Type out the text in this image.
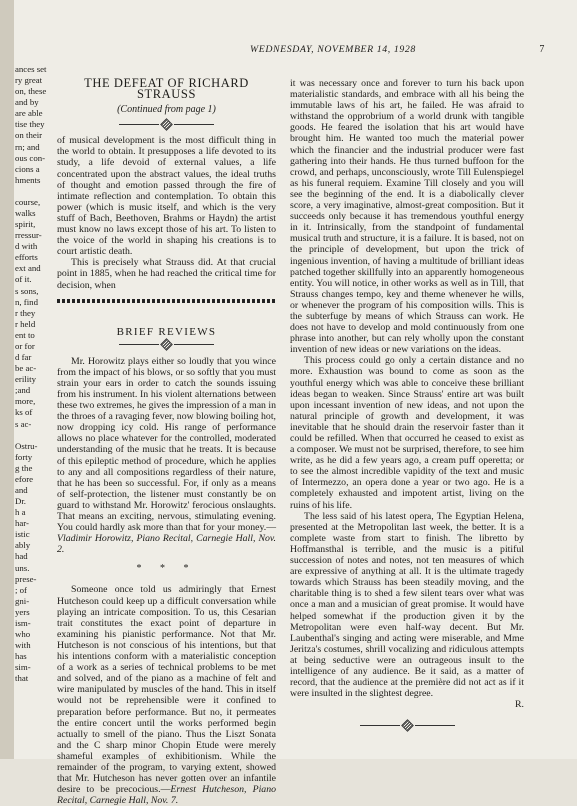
WEDNESDAY, NOVEMBER 14, 1928	7
ances set
ry great
on, these
and by
are able
tise they
on their
rn; and
ous con-
cions a
hments
course,
walks
spirit,
rressur-
d with
efforts
ext and
of it.
s sons,
n, find
r they
r held
ent to
or for
d far
be ac-
erility
;and
more,
ks of
s ac-
Ostru-
forty
g the
efore
and
Dr.
h a
har-
istic
ably
had
uns.
prese-
; of
gni-
yers
ism-
who
with
has
sim-
that
THE DEFEAT OF RICHARD STRAUSS
(Continued from page 1)

of musical development is the most difficult thing in the world to obtain. It presupposes a life devoted to its study, a life devoid of external values, a life concentrated upon the abstract values, the ideal truths of thought and emotion passed through the fire of intimate reflection and contemplation. To obtain this power (which is music itself, and which is the very stuff of Bach, Beethoven, Brahms or Haydn) the artist must know no laws except those of his art. To listen to the voice of the world in shaping his creations is to court artistic death.

This is precisely what Strauss did. At that crucial point in 1885, when he had reached the critical time for decision, when

BRIEF REVIEWS

Mr. Horowitz plays either so loudly that you wince from the impact of his blows, or so softly that you must strain your ears in order to catch the sounds issuing from his instrument. In his violent alternations between these two extremes, he gives the impression of a man in the throes of a ravaging fever, now blowing boiling hot, now dropping icy cold. His range of performance allows no place whatever for the controlled, moderated understanding of the music that he treats. It is because of this epileptic method of procedure, which he applies to any and all compositions regardless of their nature, that he has been so successful. For, if only as a means of self-protection, the listener must constantly be on guard to withstand Mr. Horowitz' ferocious onslaughts. That means an exciting, nervous, stimulating evening. You could hardly ask more than that for your money.—Vladimir Horowitz, Piano Recital, Carnegie Hall, Nov. 2.

* * *

Someone once told us admiringly that Ernest Hutcheson could keep up a difficult conversation while playing an intricate composition. To us, this Cesarian trait constitutes the exact point of departure in examining his pianistic performance. Not that Mr. Hutcheson is not conscious of his intentions, but that his intentions conform with a materialistic conception of a work as a series of technical problems to be met and solved, and of the piano as a machine of felt and wire manipulated by muscles of the hand. This in itself would not be reprehensible were it confined to preparation before performance. But no, it permeates the entire concert until the works performed begin actually to smell of the piano. Thus the Liszt Sonata and the C sharp minor Chopin Etude were merely shameful examples of exhibitionism. While the remainder of the program, to varying extent, showed that Mr. Hutcheson has never gotten over an infantile desire to be precocious.—Ernest Hutcheson, Piano Recital, Carnegie Hall, Nov. 7.

it was necessary once and forever to turn his back upon materialistic standards, and embrace with all his being the immutable laws of his art, he failed. He was afraid to withstand the opprobrium of a world drunk with tangible goods. He feared the isolation that his art would have brought him. He wanted too much the material power which the financier and the industrial producer were fast gathering into their hands. He thus turned buffoon for the crowd, and perhaps, unconsciously, wrote Till Eulenspiegel as his funeral requiem. Examine Till closely and you will see the beginning of the end. It is a diabolically clever score, a very imaginative, almost-great composition. But it succeeds only because it has tremendous youthful energy in it. Intrinsically, from the standpoint of fundamental musical truth and structure, it is a failure. It is based, not on the principle of development, but upon the trick of ingenious invention, of having a multitude of brilliant ideas patched together skillfully into an apparently homogeneous entity. You will notice, in other works as well as in Till, that Strauss changes tempo, key and theme whenever he wills, or whenever the program of his composition wills. This is the subterfuge by means of which Strauss can work. He does not have to develop and mold continuously from one phrase into another, but can rely wholly upon the constant invention of new ideas or new variations on the ideas.

This process could go only a certain distance and no more. Exhaustion was bound to come as soon as the youthful energy which was able to conceive these brilliant ideas began to weaken. Since Strauss' entire art was built upon incessant invention of new ideas, and not upon the natural principle of growth and development, it was inevitable that he should drain the reservoir faster than it could be refilled. When that occurred he ceased to exist as a composer. We must not be surprised, therefore, to see him write, as he did a few years ago, a cream puff operetta; or to see the almost incredible vapidity of the text and music of Intermezzo, an opera done a year or two ago. He is a completely exhausted and impotent artist, living on the ruins of his life.

The less said of his latest opera, The Egyptian Helena, presented at the Metropolitan last week, the better. It is a complete waste from start to finish. The libretto by Hoffmansthal is terrible, and the music is a pitiful succession of notes and notes, not ten measures of which are expressive of anything at all. It is the ultimate tragedy towards which Strauss has been steadily moving, and the charitable thing is to shed a few silent tears over what was once a man and a musician of great promise. It would have helped somewhat if the production given it by the Metropolitan were even half-way decent. But Mr. Laubenthal's singing and acting were miserable, and Mme Jeritza's costumes, shrill vocalizing and ridiculous attempts at being seductive were an outrageous insult to the intelligence of any audience. Be it said, as a matter of record, that the audience at the première did not act as if it were insulted in the slightest degree.

R.
